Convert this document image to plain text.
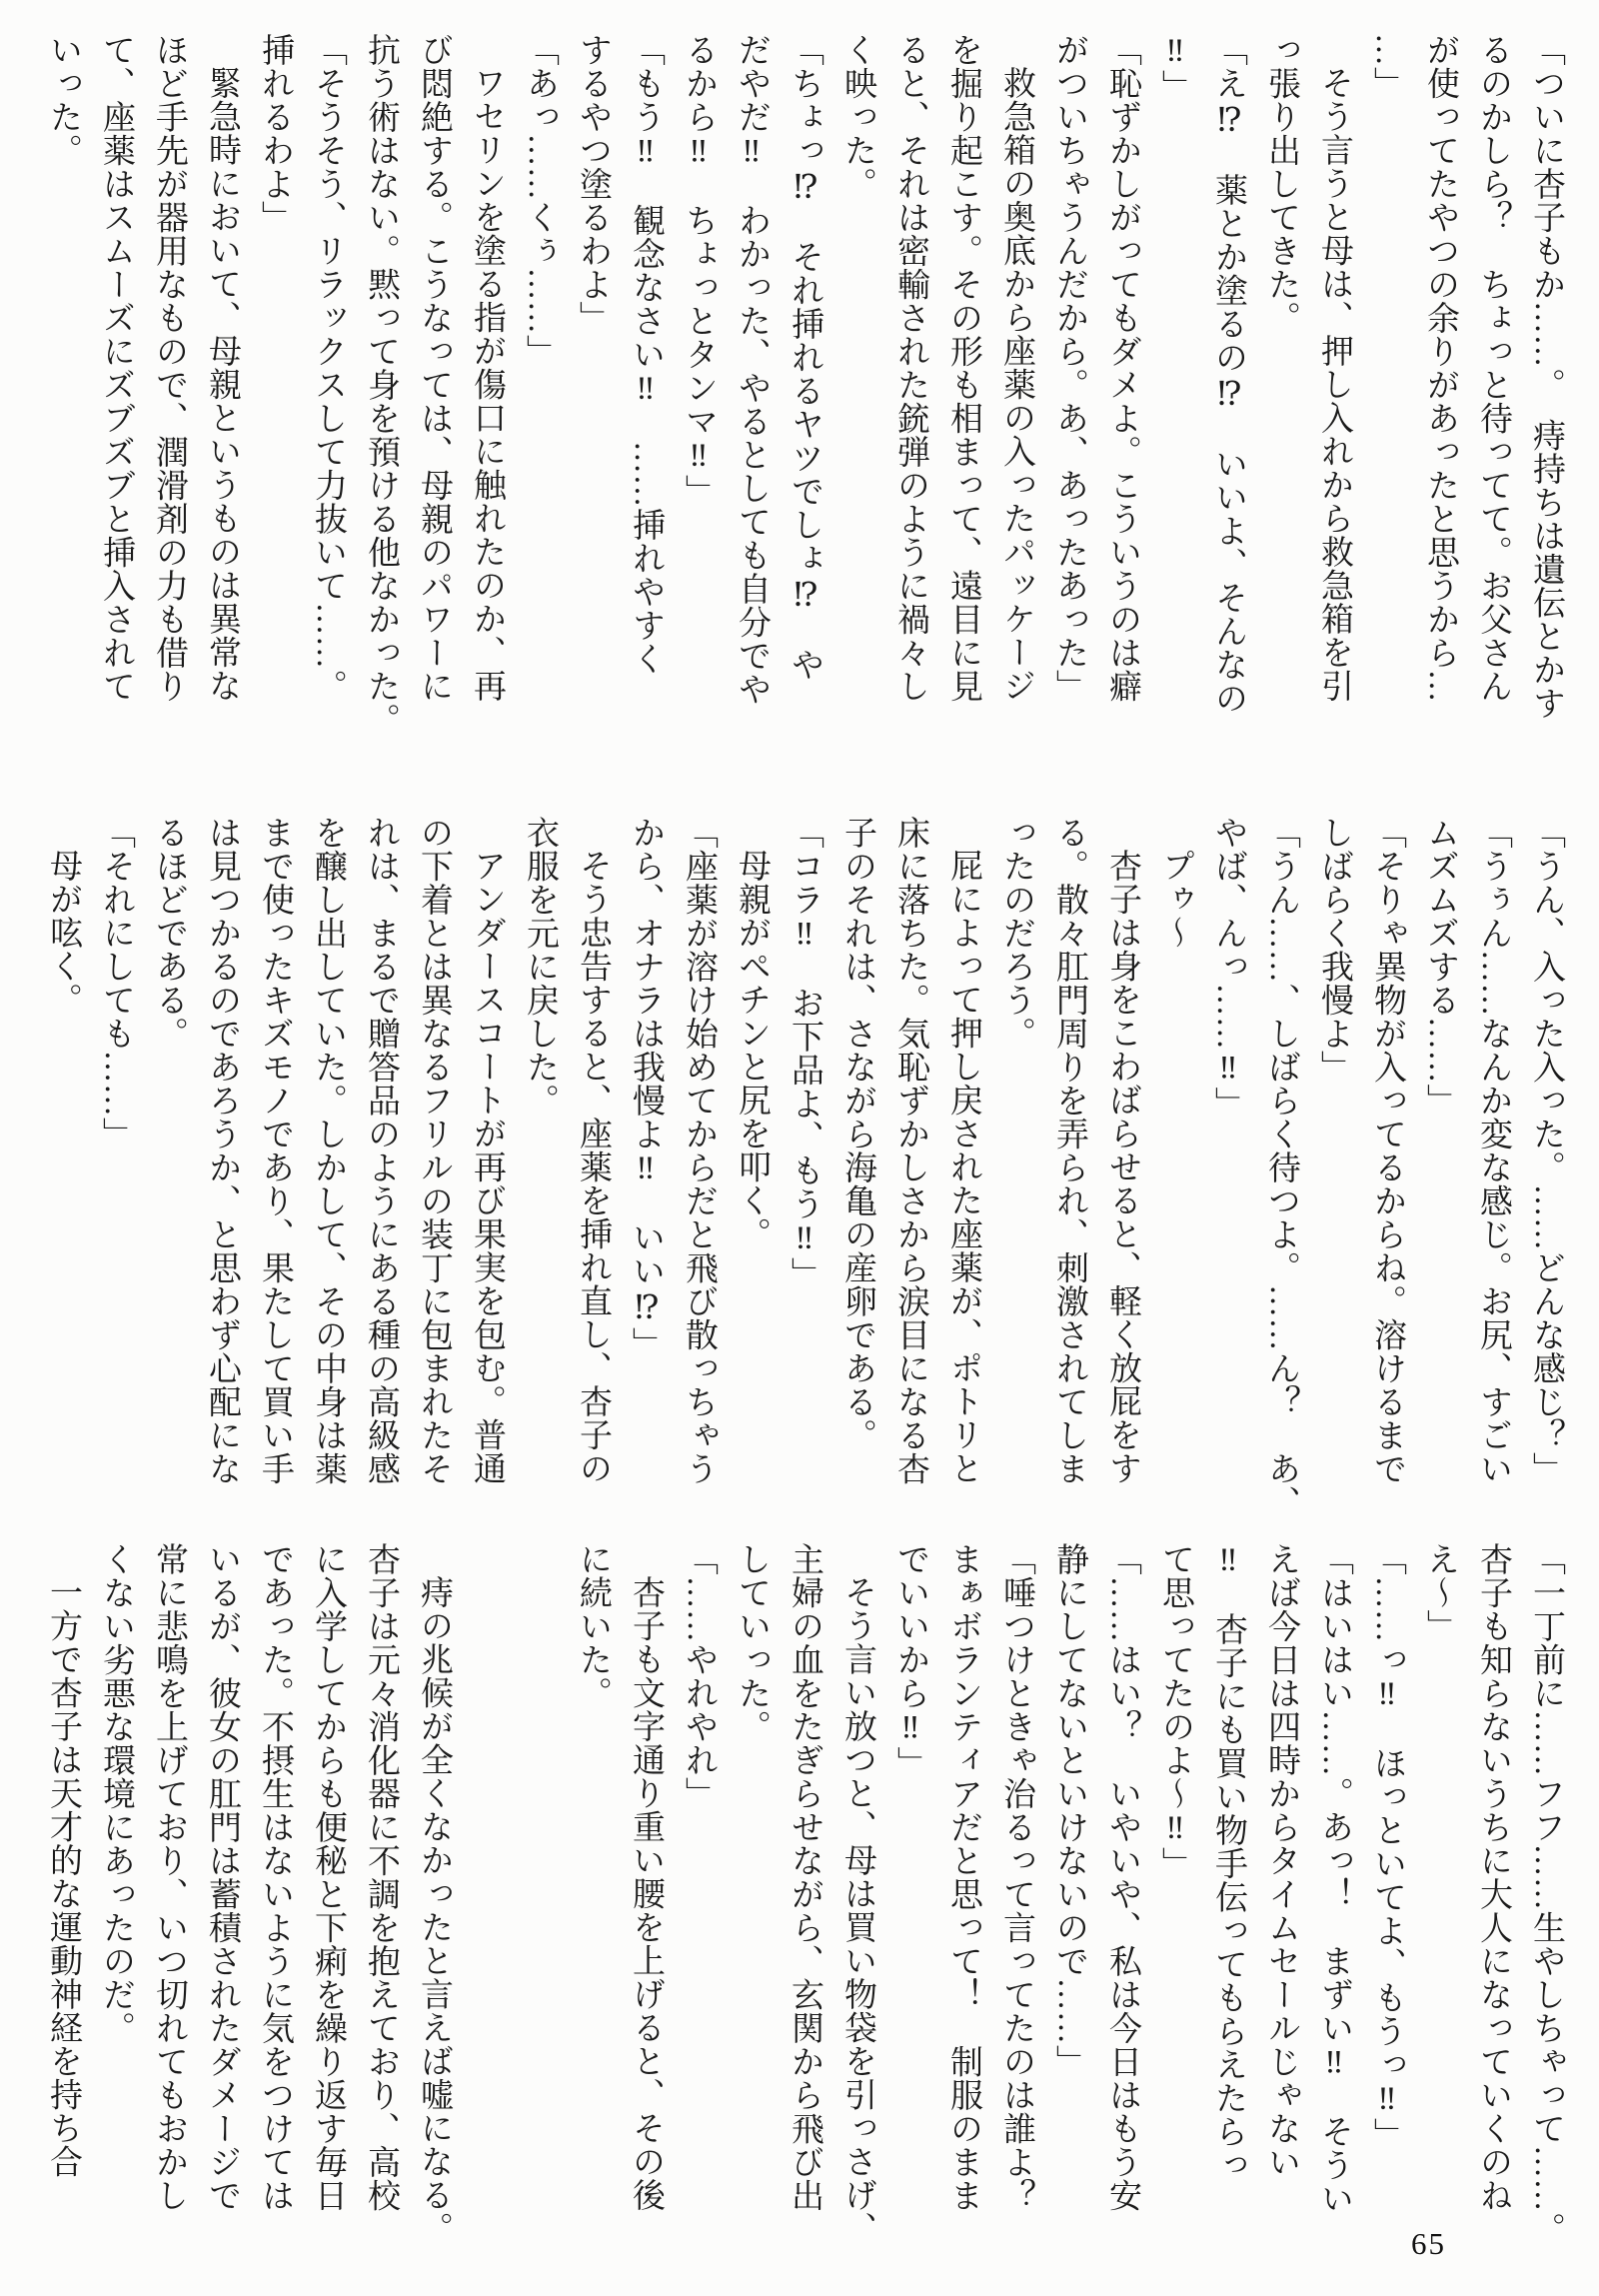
「ついに杏子もか……。　痔持ちは遺伝とかす

るのかしら？　ちょっと待ってて。お父さん

が使ってたやつの余りがあったと思うから…

…」

そう言うと母は、押し入れから救急箱を引

っ張り出してきた。

「え⁉　薬とか塗るの⁉　いいよ、そんなの

‼」

「恥ずかしがってもダメよ。こういうのは癖

がついちゃうんだから。あ、あったあった」

救急箱の奥底から座薬の入ったパッケージ

を掘り起こす。その形も相まって、遠目に見

ると、それは密輸された銃弾のように禍々し

く映った。

「ちょっ⁉　それ挿れるヤツでしょ⁉　や

だやだ‼　わかった、やるとしても自分でや

るから‼　ちょっとタンマ‼」

「もう‼　観念なさい‼　……挿れやすく

するやつ塗るわよ」

「あっ……くぅ……」

ワセリンを塗る指が傷口に触れたのか、再

び悶絶する。こうなっては、母親のパワーに

抗う術はない。黙って身を預ける他なかった。

「そうそう、リラックスして力抜いて……。

挿れるわよ」

緊急時において、母親というものは異常な

ほど手先が器用なもので、潤滑剤の力も借り

て、座薬はスムーズにズブズブと挿入されて

いった。

「うん、入った入った。……どんな感じ？」

「うぅん……なんか変な感じ。お尻、すごい

ムズムズする……」

「そりゃ異物が入ってるからね。溶けるまで

しばらく我慢よ」

「うん……、しばらく待つよ。……ん？　あ、

やば、んっ……‼」

プゥ〜

杏子は身をこわばらせると、軽く放屁をす

る。散々肛門周りを弄られ、刺激されてしま

ったのだろう。

屁によって押し戻された座薬が、ポトリと

床に落ちた。気恥ずかしさから涙目になる杏

子のそれは、さながら海亀の産卵である。

「コラ‼　お下品よ、もう‼」

母親がペチンと尻を叩く。

「座薬が溶け始めてからだと飛び散っちゃう

から、オナラは我慢よ‼　いい⁉」

そう忠告すると、座薬を挿れ直し、杏子の

衣服を元に戻した。

アンダースコートが再び果実を包む。普通

の下着とは異なるフリルの装丁に包まれたそ

れは、まるで贈答品のようにある種の高級感

を醸し出していた。しかして、その中身は薬

まで使ったキズモノであり、果たして買い手

は見つかるのであろうか、と思わず心配にな

るほどである。

「それにしても……」

母が呟く。

「一丁前に……フフ……生やしちゃって……。

杏子も知らないうちに大人になっていくのね

え〜」

「……っ‼　ほっといてよ、もうっ‼」

「はいはい……。あっ！　まずい‼　そうい

えば今日は四時からタイムセールじゃない

‼　杏子にも買い物手伝ってもらえたらっ

て思ってたのよ〜‼」

「……はい？　いやいや、私は今日はもう安

静にしてないといけないので……」

「唾つけときゃ治るって言ってたのは誰よ？

まぁボランティアだと思って！　制服のまま

でいいから‼」

そう言い放つと、母は買い物袋を引っさげ、

主婦の血をたぎらせながら、玄関から飛び出

していった。

「……やれやれ」

杏子も文字通り重い腰を上げると、その後

に続いた。

痔の兆候が全くなかったと言えば嘘になる。

杏子は元々消化器に不調を抱えており、高校

に入学してからも便秘と下痢を繰り返す毎日

であった。不摂生はないように気をつけては

いるが、彼女の肛門は蓄積されたダメージで

常に悲鳴を上げており、いつ切れてもおかし

くない劣悪な環境にあったのだ。

一方で杏子は天才的な運動神経を持ち合

65
